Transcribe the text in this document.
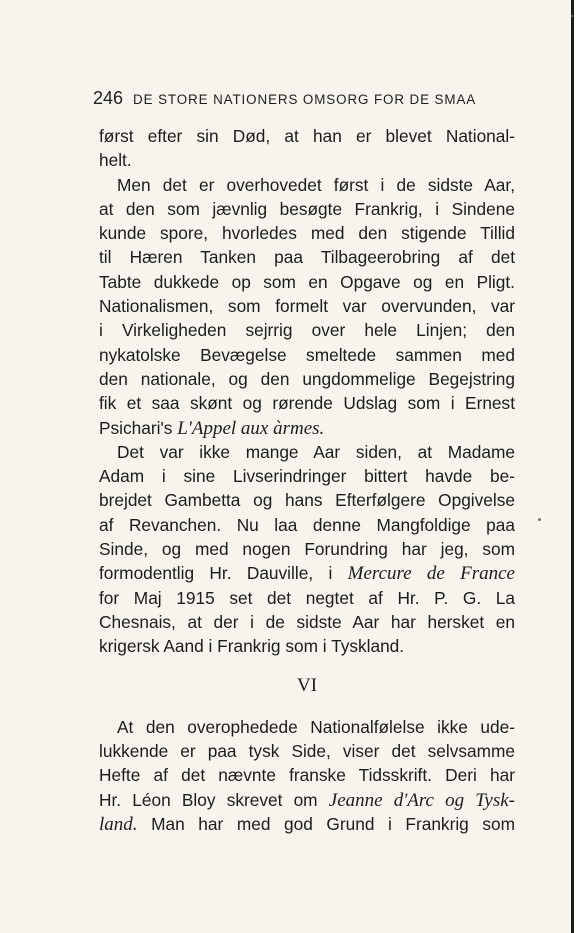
246 DE STORE NATIONERS OMSORG FOR DE SMAA
først efter sin Død, at han er blevet National-
helt.
Men det er overhovedet først i de sidste Aar,
at den som jævnlig besøgte Frankrig, i Sindene
kunde spore, hvorledes med den stigende Tillid
til Hæren Tanken paa Tilbageerobring af det
Tabte dukkede op som en Opgave og en Pligt.
Nationalismen, som formelt var overvunden, var
i Virkeligheden sejrrig over hele Linjen; den
nykatolske Bevægelse smeltede sammen med
den nationale, og den ungdommelige Begejstring
fik et saa skønt og rørende Udslag som i Ernest
Psichari's L'Appel aux àrmes.
Det var ikke mange Aar siden, at Madame
Adam i sine Livserindringer bittert havde be-
brejdet Gambetta og hans Efterfølgere Opgivelse
af Revanchen. Nu laa denne Mangfoldige paa
Sinde, og med nogen Forundring har jeg, som
formodentlig Hr. Dauville, i Mercure de France
for Maj 1915 set det negtet af Hr. P. G. La
Chesnais, at der i de sidste Aar har hersket en
krigersk Aand i Frankrig som i Tyskland.
VI
At den overophedede Nationalfølelse ikke ude-
lukkende er paa tysk Side, viser det selvsamme
Hefte af det nævnte franske Tidsskrift. Deri har
Hr. Léon Bloy skrevet om Jeanne d'Arc og Tysk-
land. Man har med god Grund i Frankrig som
